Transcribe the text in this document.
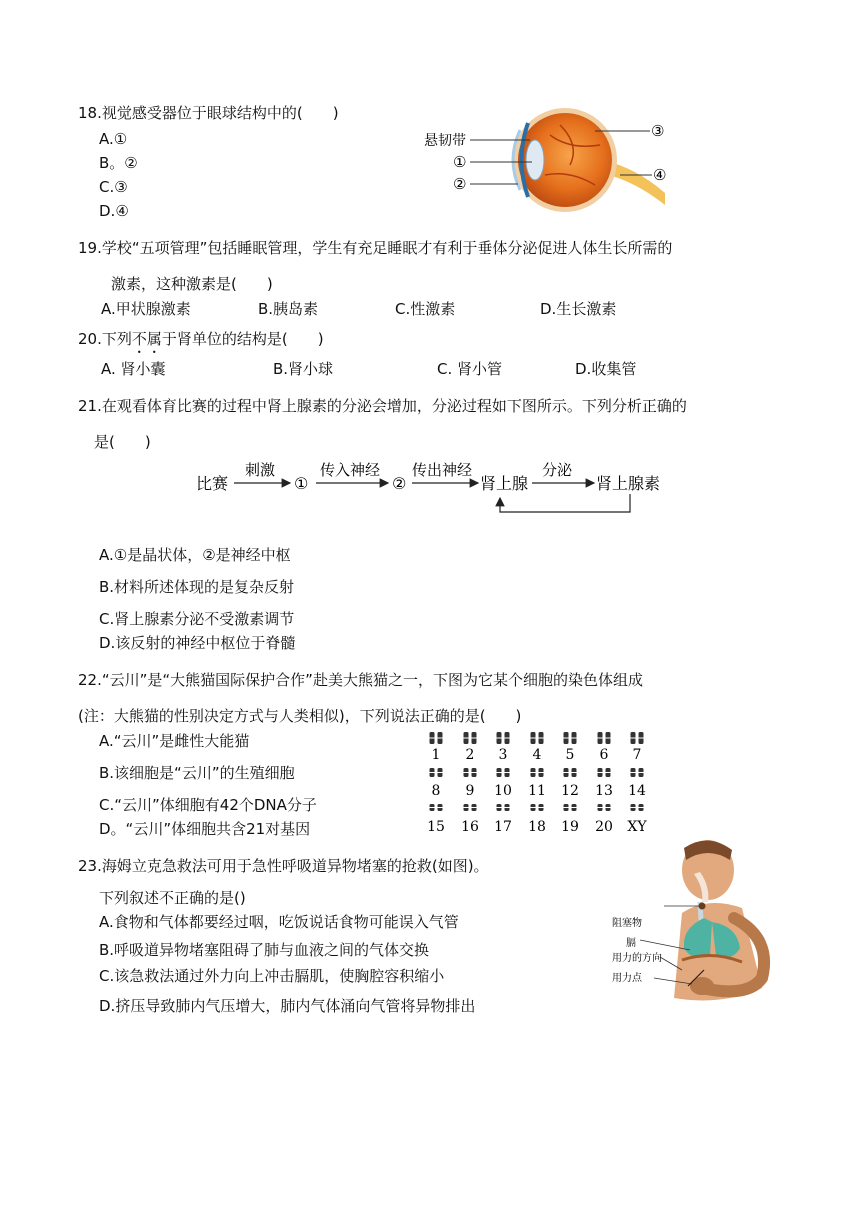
18.视觉感受器位于眼球结构中的(　　)
A.①
B。②
C.③
D.④
悬韧带
①
②
③
④
19.学校“五项管理”包括睡眠管理，学生有充足睡眠才有利于垂体分泌促进人体生长所需的
激素，这种激素是(　　)
A.甲状腺激素	B.胰岛素	C.性激素	D.生长激素
20.下列不属于肾单位的结构是(　　)
A. 肾小囊	B.肾小球	C. 肾小管	D.收集管
21.在观看体育比赛的过程中肾上腺素的分泌会增加，分泌过程如下图所示。下列分析正确的
是(　　)
比赛
刺激
①
传入神经
②
传出神经
肾上腺
分泌
肾上腺素
A.①是晶状体，②是神经中枢
B.材料所述体现的是复杂反射
C.肾上腺素分泌不受激素调节
D.该反射的神经中枢位于脊髓
22.“云川”是“大熊猫国际保护合作”赴美大熊猫之一，下图为它某个细胞的染色体组成
(注：大熊猫的性别决定方式与人类相似)，下列说法正确的是(　　)
A.“云川”是雌性大能猫
B.该细胞是“云川”的生殖细胞
C.“云川”体细胞有42个DNA分子
D。“云川”体细胞共含21对基因
1 2 3 4 5 6 7
8 9 10 11 12 13 14
15 16 17 18 19 20 XY
23.海姆立克急救法可用于急性呼吸道异物堵塞的抢救(如图)。
下列叙述不正确的是()
A.食物和气体都要经过咽，吃饭说话食物可能误入气管
B.呼吸道异物堵塞阻碍了肺与血液之间的气体交换
C.该急救法通过外力向上冲击膈肌，使胸腔容积缩小
D.挤压导致肺内气压增大，肺内气体涌向气管将异物排出
阻塞物
膈
用力的方向
用力点
